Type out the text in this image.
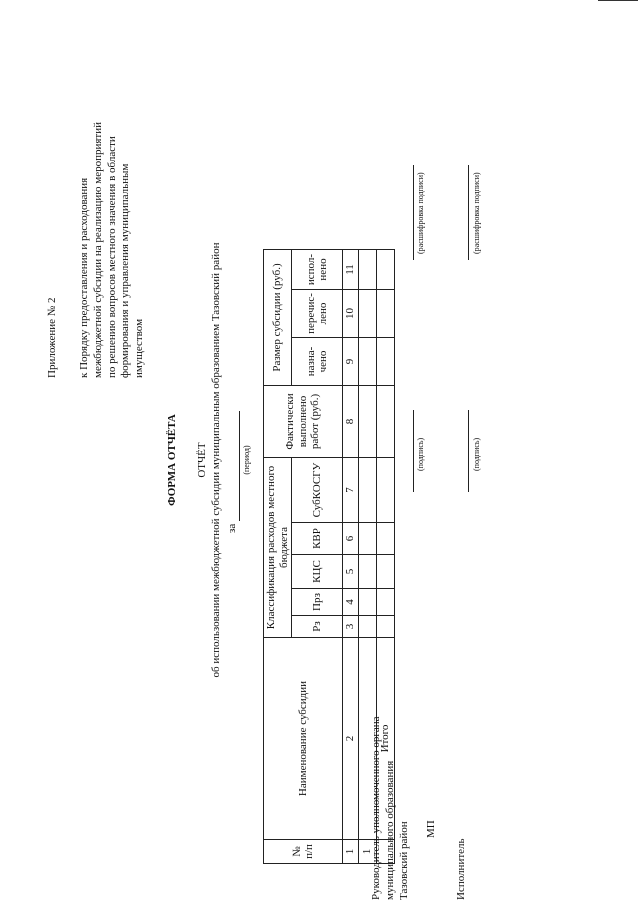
Приложение № 2 к Порядку предоставления и расходования межбюджетной субсидии на реализацию мероприятий по решению вопросов местного значения в области формирования и управления муниципальным имуществом
ФОРМА ОТЧЁТА ОТЧЁТ об использовании межбюджетной субсидии муниципальным образованием Тазовский район за
(период)
№ п/п	Наименование субсидии	Классификация расходов местного бюджета					Фактически выполнено работ (руб.)	Размер субсидии (руб.)		
		Рз	Прз	КЦС	КВР	СубКОСГУ		назна-чено	перечис-лено	испол-нено
1	2	3	4	5	6	7	8	9	10	11
1										
	Итого									
Руководитель уполномоченного органа муниципального образования Тазовский район
(подпись)
(расшифровка подписи)
МП
Исполнитель
(подпись)
(расшифровка подписи)
